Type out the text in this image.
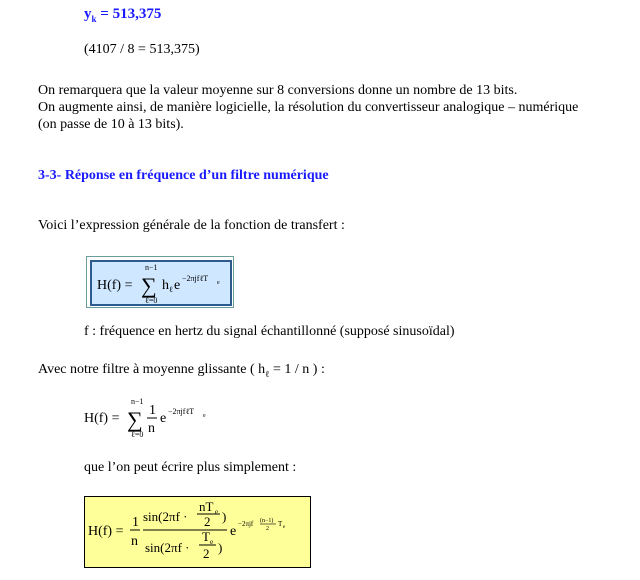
$y_k = 513,375$
(4107 / 8 = 513,375)
On remarquera que la valeur moyenne sur 8 conversions donne un nombre de 13 bits.
On augmente ainsi, de manière logicielle, la résolution du convertisseur analogique – numérique
(on passe de 10 à 13 bits).
3-3- Réponse en fréquence d’un filtre numérique
Voici l’expression générale de la fonction de transfert :
H(f) =
n−1
∑
ℓ=0
h ℓ e −2πjfℓT e
f : fréquence en hertz du signal échantillonné (supposé sinusoïdal)
Avec notre filtre à moyenne glissante ( $h_\ell = 1 / n$ ) :
H(f) =
n−1
∑
ℓ=0
1
n
e −2πjfℓT e
que l’on peut écrire plus simplement :
H(f) =
1
n
sin(2πf ·
nT e
2 )
sin(2πf ·
T e
2 )
e −2πjf (n−1)
2
T e
